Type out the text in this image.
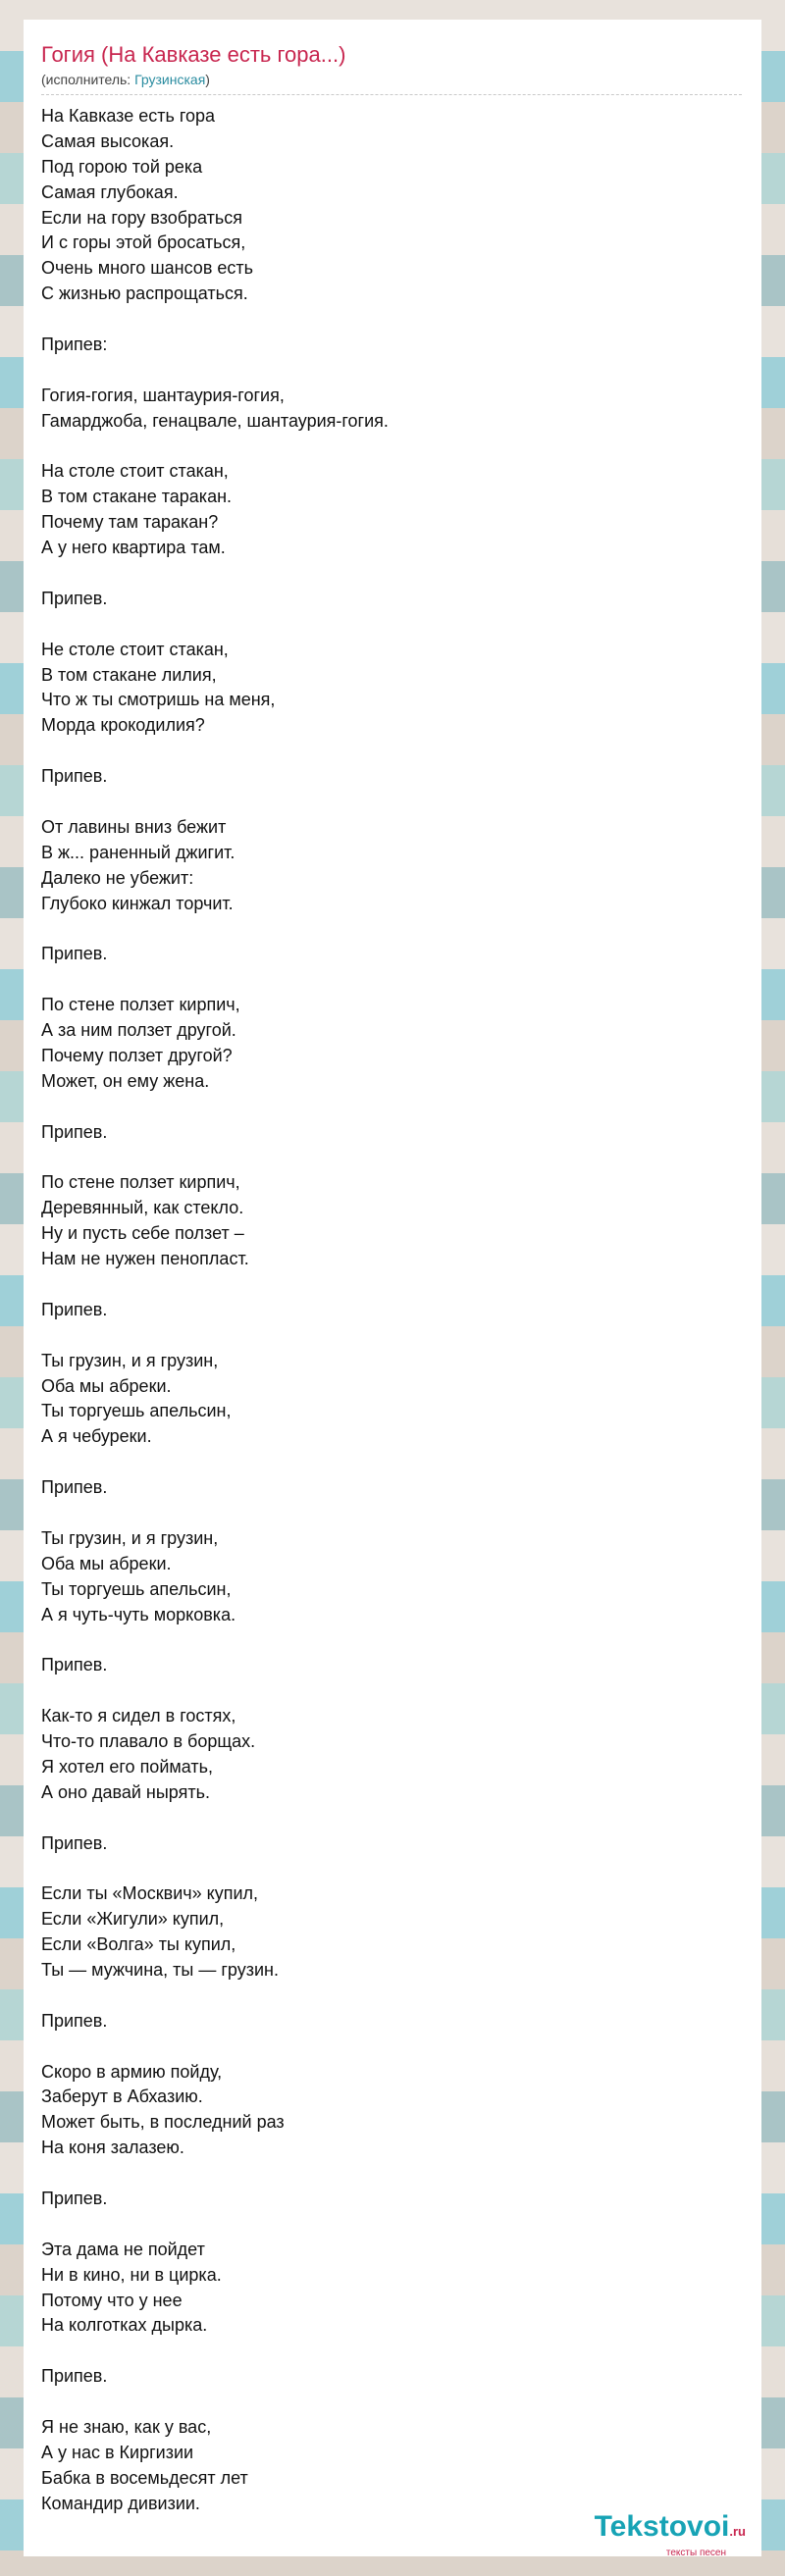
Гогия (На Кавказе есть гора...)
(исполнитель: Грузинская)
На Кавказе есть гора
Самая высокая.
Под горою той река
Самая глубокая.
Если на гору взобраться
И с горы этой бросаться,
Очень много шансов есть
С жизнью распрощаться.
Припев:
Гогия-гогия, шантаурия-гогия,
Гамарджоба, генацвале, шантаурия-гогия.
На столе стоит стакан,
В том стакане таракан.
Почему там таракан?
А у него квартира там.
Припев.
Не столе стоит стакан,
В том стакане лилия,
Что ж ты смотришь на меня,
Морда крокодилия?
Припев.
От лавины вниз бежит
В ж... раненный джигит.
Далеко не убежит:
Глубоко кинжал торчит.
Припев.
По стене ползет кирпич,
А за ним ползет другой.
Почему ползет другой?
Может, он ему жена.
Припев.
По стене ползет кирпич,
Деревянный, как стекло.
Ну и пусть себе ползет –
Нам не нужен пенопласт.
Припев.
Ты грузин, и я грузин,
Оба мы абреки.
Ты торгуешь апельсин,
А я чебуреки.
Припев.
Ты грузин, и я грузин,
Оба мы абреки.
Ты торгуешь апельсин,
А я чуть-чуть морковка.
Припев.
Как-то я сидел в гостях,
Что-то плавало в борщах.
Я хотел его поймать,
А оно давай нырять.
Припев.
Если ты «Москвич» купил,
Если «Жигули» купил,
Если «Волга» ты купил,
Ты — мужчина, ты — грузин.
Припев.
Скоро в армию пойду,
Заберут в Абхазию.
Может быть, в последний раз
На коня залазею.
Припев.
Эта дама не пойдет
Ни в кино, ни в цирка.
Потому что у нее
На колготках дырка.
Припев.
Я не знаю, как у вас,
А у нас в Киргизии
Бабка в восемьдесят лет
Командир дивизии.
Tekstovoi.ru
тексты песен
